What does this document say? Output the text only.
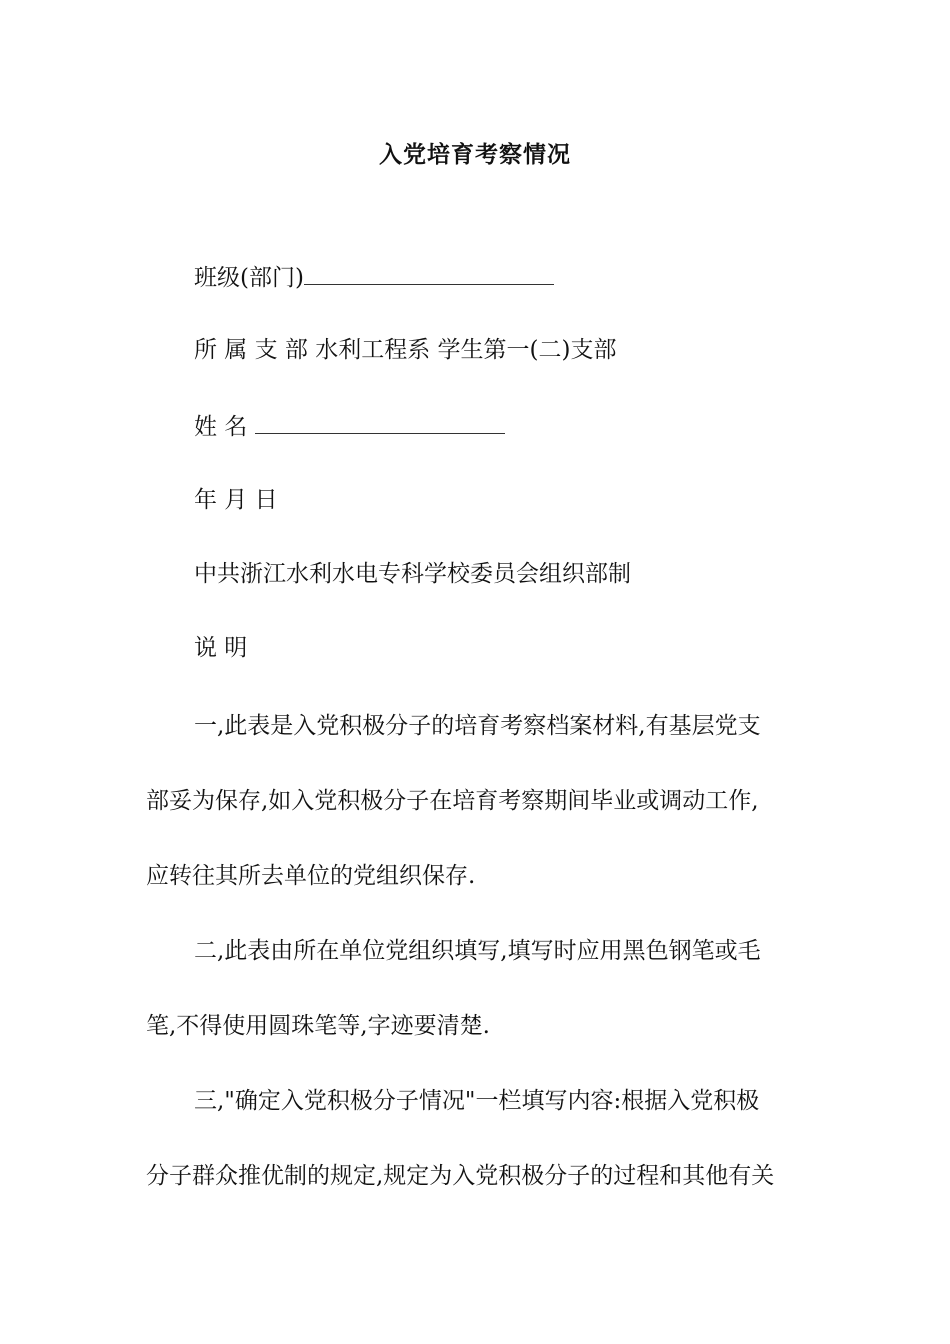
入党培育考察情况
班级(部门)
所 属 支 部 水利工程系 学生第一(二)支部
姓 名
年 月 日
中共浙江水利水电专科学校委员会组织部制
说 明
一,此表是入党积极分子的培育考察档案材料,有基层党支
部妥为保存,如入党积极分子在培育考察期间毕业或调动工作,
应转往其所去单位的党组织保存.
二,此表由所在单位党组织填写,填写时应用黑色钢笔或毛
笔,不得使用圆珠笔等,字迹要清楚.
三,"确定入党积极分子情况"一栏填写内容:根据入党积极
分子群众推优制的规定,规定为入党积极分子的过程和其他有关
